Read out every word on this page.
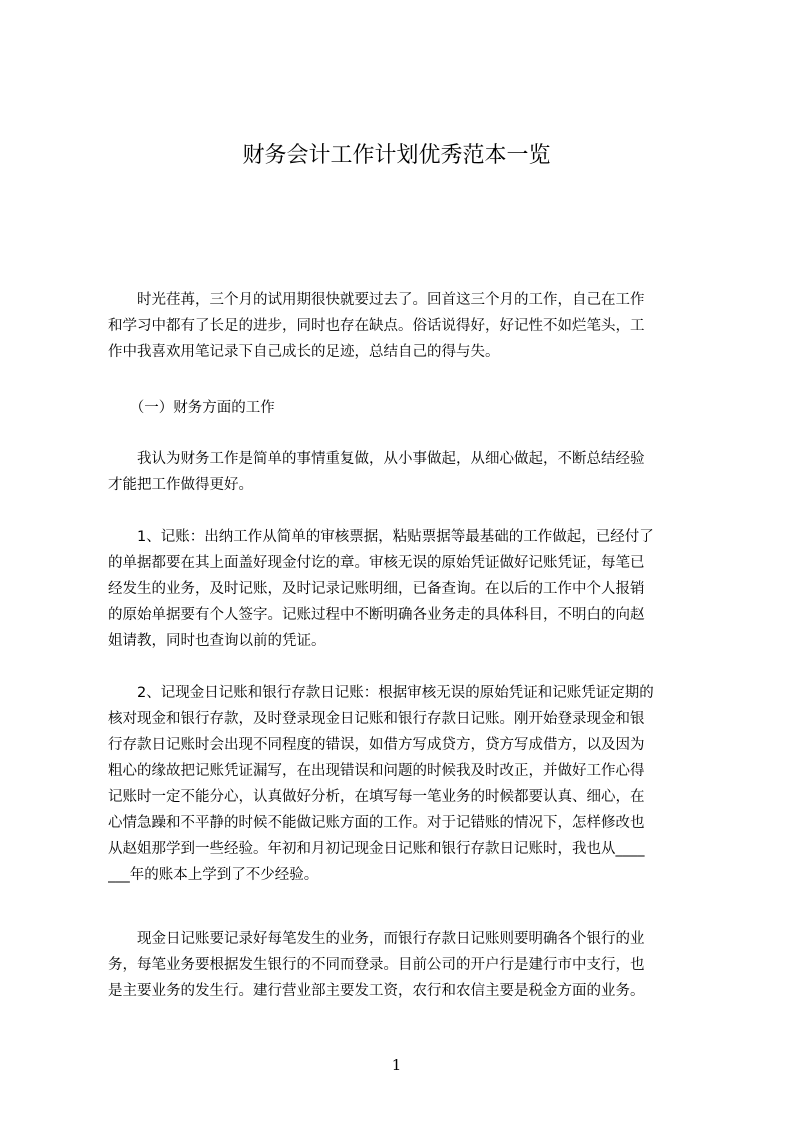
财务会计工作计划优秀范本一览
　　时光荏苒，三个月的试用期很快就要过去了。回首这三个月的工作，自己在工作
和学习中都有了长足的进步，同时也存在缺点。俗话说得好，好记性不如烂笔头，工
作中我喜欢用笔记录下自己成长的足迹，总结自己的得与失。
　　（一）财务方面的工作
　　我认为财务工作是简单的事情重复做，从小事做起，从细心做起，不断总结经验
才能把工作做得更好。
　　1、记账：出纳工作从简单的审核票据，粘贴票据等最基础的工作做起，已经付了
的单据都要在其上面盖好现金付讫的章。审核无误的原始凭证做好记账凭证，每笔已
经发生的业务，及时记账，及时记录记账明细，已备查询。在以后的工作中个人报销
的原始单据要有个人签字。记账过程中不断明确各业务走的具体科目，不明白的向赵
姐请教，同时也查询以前的凭证。
　　2、记现金日记账和银行存款日记账：根据审核无误的原始凭证和记账凭证定期的
核对现金和银行存款，及时登录现金日记账和银行存款日记账。刚开始登录现金和银
行存款日记账时会出现不同程度的错误，如借方写成贷方，贷方写成借方，以及因为
粗心的缘故把记账凭证漏写，在出现错误和问题的时候我及时改正，并做好工作心得
记账时一定不能分心，认真做好分析，在填写每一笔业务的时候都要认真、细心，在
心情急躁和不平静的时候不能做记账方面的工作。对于记错账的情况下，怎样修改也
从赵姐那学到一些经验。年初和月初记现金日记账和银行存款日记账时，我也从____
___年的账本上学到了不少经验。
　　现金日记账要记录好每笔发生的业务，而银行存款日记账则要明确各个银行的业
务，每笔业务要根据发生银行的不同而登录。目前公司的开户行是建行市中支行，也
是主要业务的发生行。建行营业部主要发工资，农行和农信主要是税金方面的业务。
1
